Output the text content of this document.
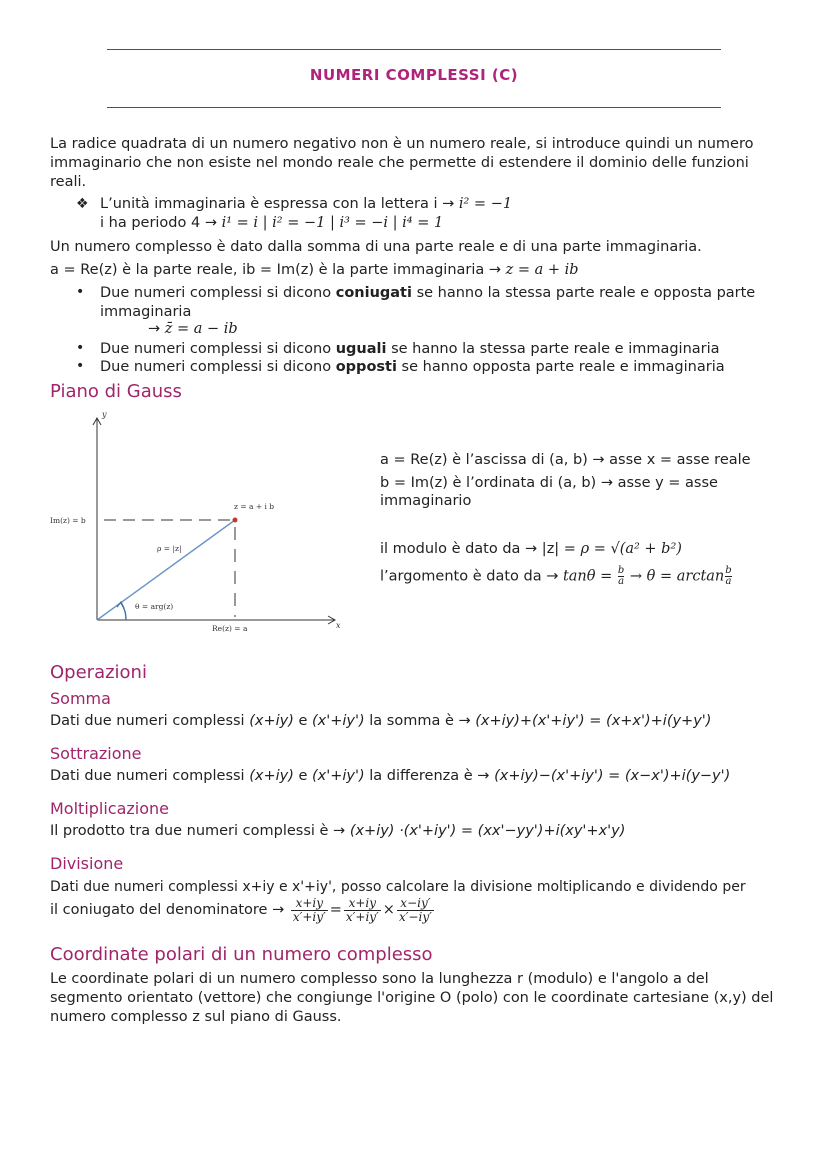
NUMERI COMPLESSI (C)
La radice quadrata di un numero negativo non è un numero reale, si introduce quindi un numero immaginario che non esiste nel mondo reale che permette di estendere il dominio delle funzioni reali.
❖ L’unità immaginaria è espressa con la lettera i → i² = −1
i ha periodo 4 → i¹ = i | i² = −1 | i³ = −i | i⁴ = 1
Un numero complesso è dato dalla somma di una parte reale e di una parte immaginaria.
a = Re(z) è la parte reale, ib = Im(z) è la parte immaginaria → z = a + ib
• Due numeri complessi si dicono coniugati se hanno la stessa parte reale e opposta parte
immaginaria
→ z̄ = a − ib
• Due numeri complessi si dicono uguali se hanno la stessa parte reale e immaginaria
• Due numeri complessi si dicono opposti se hanno opposta parte reale e immaginaria
Piano di Gauss
y
x
Im(z) = b
Re(z) = a
z = a + i b
ρ = |z|
θ = arg(z)
a = Re(z) è l’ascissa di (a, b) → asse x = asse reale
b = Im(z) è l’ordinata di (a, b) → asse y = asse
immaginario
il modulo è dato da → |z| = ρ = √(a² + b²)
l’argomento è dato da → $\tan\theta = \frac{b}{a} \to \theta = \arctan \frac{b}{a}$
Operazioni
Somma
Dati due numeri complessi (x+iy) e (x'+iy') la somma è → (x+iy)+(x'+iy') = (x+x')+i(y+y')
Sottrazione
Dati due numeri complessi (x+iy) e (x'+iy') la differenza è → (x+iy)−(x'+iy') = (x−x')+i(y−y')
Moltiplicazione
Il prodotto tra due numeri complessi è → (x+iy) ·(x'+iy') = (xx'−yy')+i(xy'+x'y)
Divisione
Dati due numeri complessi x+iy e x'+iy', posso calcolare la divisione moltiplicando e dividendo per
il coniugato del denominatore → $\frac{x+iy}{x'+iy'} = \frac{x+iy}{x'+iy'} \times \frac{x-iy'}{x'-iy'}$
Coordinate polari di un numero complesso
Le coordinate polari di un numero complesso sono la lunghezza r (modulo) e l'angolo a del segmento orientato (vettore) che congiunge l'origine O (polo) con le coordinate cartesiane (x,y) del numero complesso z sul piano di Gauss.
